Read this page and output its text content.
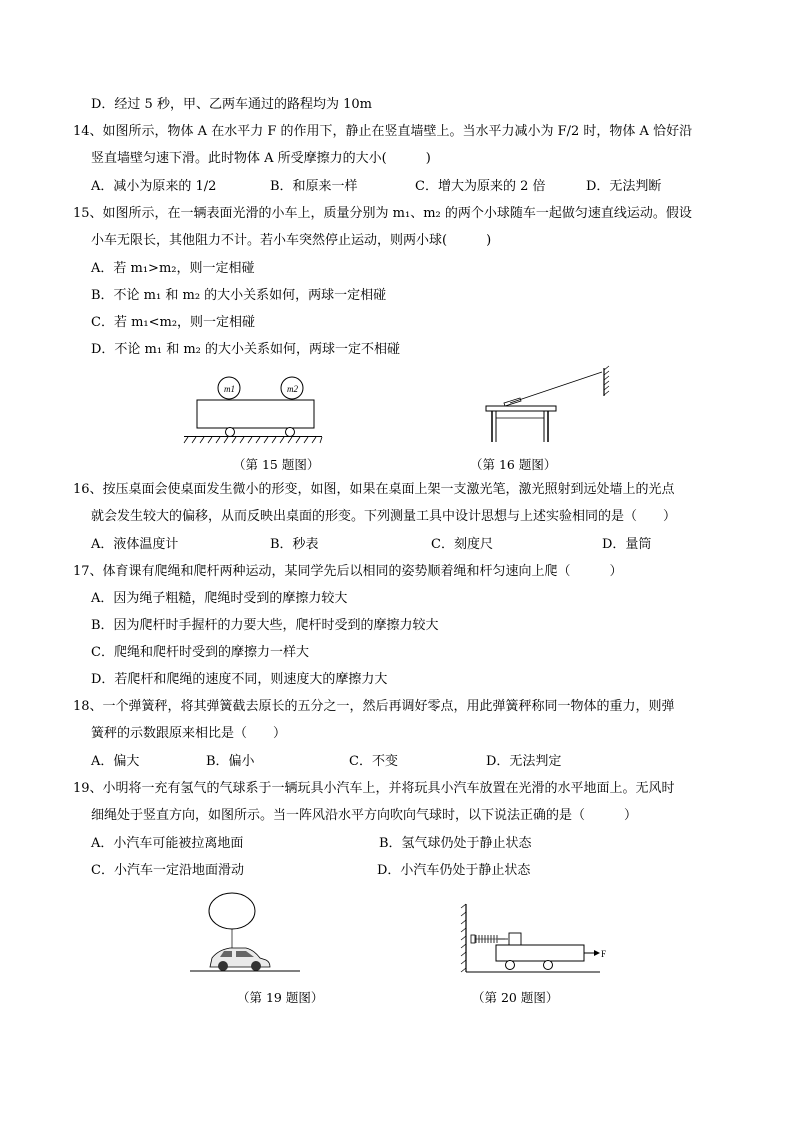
D．经过 5 秒，甲、乙两车通过的路程均为 10m
14、如图所示，物体 A 在水平力 F 的作用下，静止在竖直墙壁上。当水平力减小为 F/2 时，物体 A 恰好沿
竖直墙壁匀速下滑。此时物体 A 所受摩擦力的大小(　　　)
A．减小为原来的 1/2	B．和原来一样	C．增大为原来的 2 倍	D．无法判断
15、如图所示，在一辆表面光滑的小车上，质量分别为 m₁、m₂ 的两个小球随车一起做匀速直线运动。假设
小车无限长，其他阻力不计。若小车突然停止运动，则两小球(　　　)
A．若 m₁>m₂，则一定相碰
B．不论 m₁ 和 m₂ 的大小关系如何，两球一定相碰
C．若 m₁<m₂，则一定相碰
D．不论 m₁ 和 m₂ 的大小关系如何，两球一定不相碰
m1	m2
（第 15 题图）	（第 16 题图）
16、按压桌面会使桌面发生微小的形变，如图，如果在桌面上架一支激光笔，激光照射到远处墙上的光点
就会发生较大的偏移，从而反映出桌面的形变。下列测量工具中设计思想与上述实验相同的是（　　）
A．液体温度计	B．秒表	C．刻度尺	D．量筒
17、体育课有爬绳和爬杆两种运动，某同学先后以相同的姿势顺着绳和杆匀速向上爬（　　　）
A．因为绳子粗糙，爬绳时受到的摩擦力较大
B．因为爬杆时手握杆的力要大些，爬杆时受到的摩擦力较大
C．爬绳和爬杆时受到的摩擦力一样大
D．若爬杆和爬绳的速度不同，则速度大的摩擦力大
18、一个弹簧秤，将其弹簧截去原长的五分之一，然后再调好零点，用此弹簧秤称同一物体的重力，则弹
簧秤的示数跟原来相比是（　　）
A．偏大	B．偏小	C．不变	D．无法判定
19、小明将一充有氢气的气球系于一辆玩具小汽车上，并将玩具小汽车放置在光滑的水平地面上。无风时
细绳处于竖直方向，如图所示。当一阵风沿水平方向吹向气球时，以下说法正确的是（　　　）
A．小汽车可能被拉离地面	B．氢气球仍处于静止状态
C．小汽车一定沿地面滑动	D．小汽车仍处于静止状态
F
（第 19 题图）	（第 20 题图）
